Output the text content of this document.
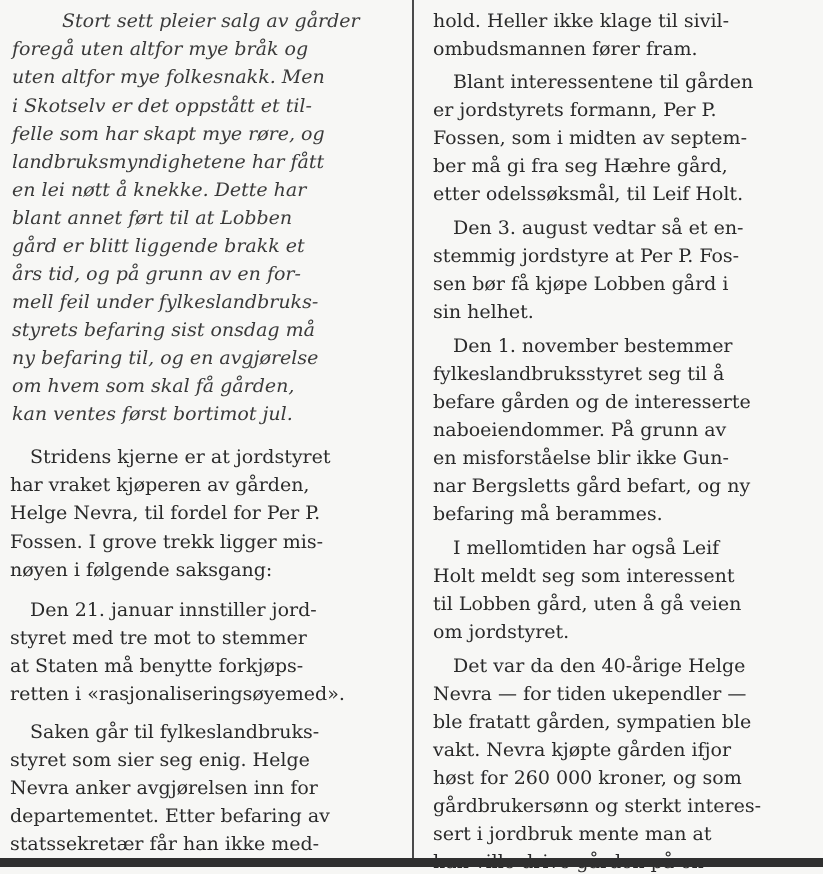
Stort sett pleier salg av gårder
foregå uten altfor mye bråk og
uten altfor mye folkesnakk. Men
i Skotselv er det oppstått et til-
felle som har skapt mye røre, og
landbruksmyndighetene har fått
en lei nøtt å knekke. Dette har
blant annet ført til at Lobben
gård er blitt liggende brakk et
års tid, og på grunn av en for-
mell feil under fylkeslandbruks-
styrets befaring sist onsdag må
ny befaring til, og en avgjørelse
om hvem som skal få gården,
kan ventes først bortimot jul.
Stridens kjerne er at jordstyret
har vraket kjøperen av gården,
Helge Nevra, til fordel for Per P.
Fossen. I grove trekk ligger mis-
nøyen i følgende saksgang:
Den 21. januar innstiller jord-
styret med tre mot to stemmer
at Staten må benytte forkjøps-
retten i «rasjonaliseringsøyemed».
Saken går til fylkeslandbruks-
styret som sier seg enig. Helge
Nevra anker avgjørelsen inn for
departementet. Etter befaring av
statssekretær får han ikke med-
hold. Heller ikke klage til sivil-
ombudsmannen fører fram.
Blant interessentene til gården
er jordstyrets formann, Per P.
Fossen, som i midten av septem-
ber må gi fra seg Hæhre gård,
etter odelssøksmål, til Leif Holt.
Den 3. august vedtar så et en-
stemmig jordstyre at Per P. Fos-
sen bør få kjøpe Lobben gård i
sin helhet.
Den 1. november bestemmer
fylkeslandbruksstyret seg til å
befare gården og de interesserte
naboeiendommer. På grunn av
en misforståelse blir ikke Gun-
nar Bergsletts gård befart, og ny
befaring må berammes.
I mellomtiden har også Leif
Holt meldt seg som interessent
til Lobben gård, uten å gå veien
om jordstyret.
Det var da den 40-årige Helge
Nevra — for tiden ukependler —
ble fratatt gården, sympatien ble
vakt. Nevra kjøpte gården ifjor
høst for 260 000 kroner, og som
gårdbrukersønn og sterkt interes-
sert i jordbruk mente man at
